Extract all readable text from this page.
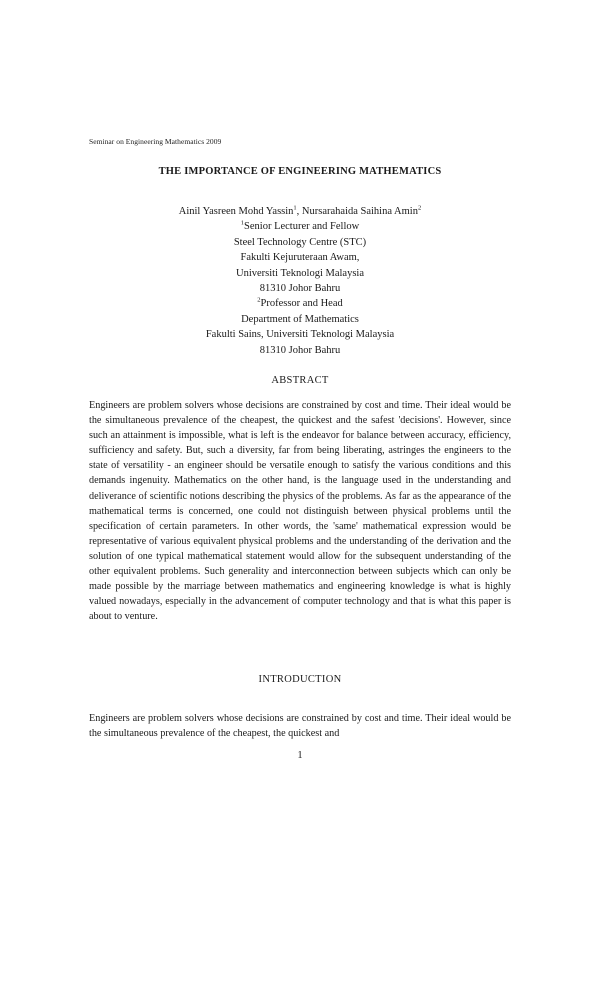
Seminar on Engineering Mathematics 2009
THE IMPORTANCE OF ENGINEERING MATHEMATICS
Ainil Yasreen Mohd Yassin$^1$, Nursarahaida Saihina Amin$^2$
$^1$Senior Lecturer and Fellow
Steel Technology Centre (STC)
Fakulti Kejuruteraan Awam,
Universiti Teknologi Malaysia
81310 Johor Bahru
$^2$Professor and Head
Department of Mathematics
Fakulti Sains, Universiti Teknologi Malaysia
81310 Johor Bahru
ABSTRACT
Engineers are problem solvers whose decisions are constrained by cost and time. Their ideal would be the simultaneous prevalence of the cheapest, the quickest and the safest 'decisions'. However, since such an attainment is impossible, what is left is the endeavor for balance between accuracy, efficiency, sufficiency and safety. But, such a diversity, far from being liberating, astringes the engineers to the state of versatility - an engineer should be versatile enough to satisfy the various conditions and this demands ingenuity. Mathematics on the other hand, is the language used in the understanding and deliverance of scientific notions describing the physics of the problems. As far as the appearance of the mathematical terms is concerned, one could not distinguish between physical problems until the specification of certain parameters. In other words, the 'same' mathematical expression would be representative of various equivalent physical problems and the understanding of the derivation and the solution of one typical mathematical statement would allow for the subsequent understanding of the other equivalent problems. Such generality and interconnection between subjects which can only be made possible by the marriage between mathematics and engineering knowledge is what is highly valued nowadays, especially in the advancement of computer technology and that is what this paper is about to venture.
INTRODUCTION
Engineers are problem solvers whose decisions are constrained by cost and time. Their ideal would be the simultaneous prevalence of the cheapest, the quickest and
1
